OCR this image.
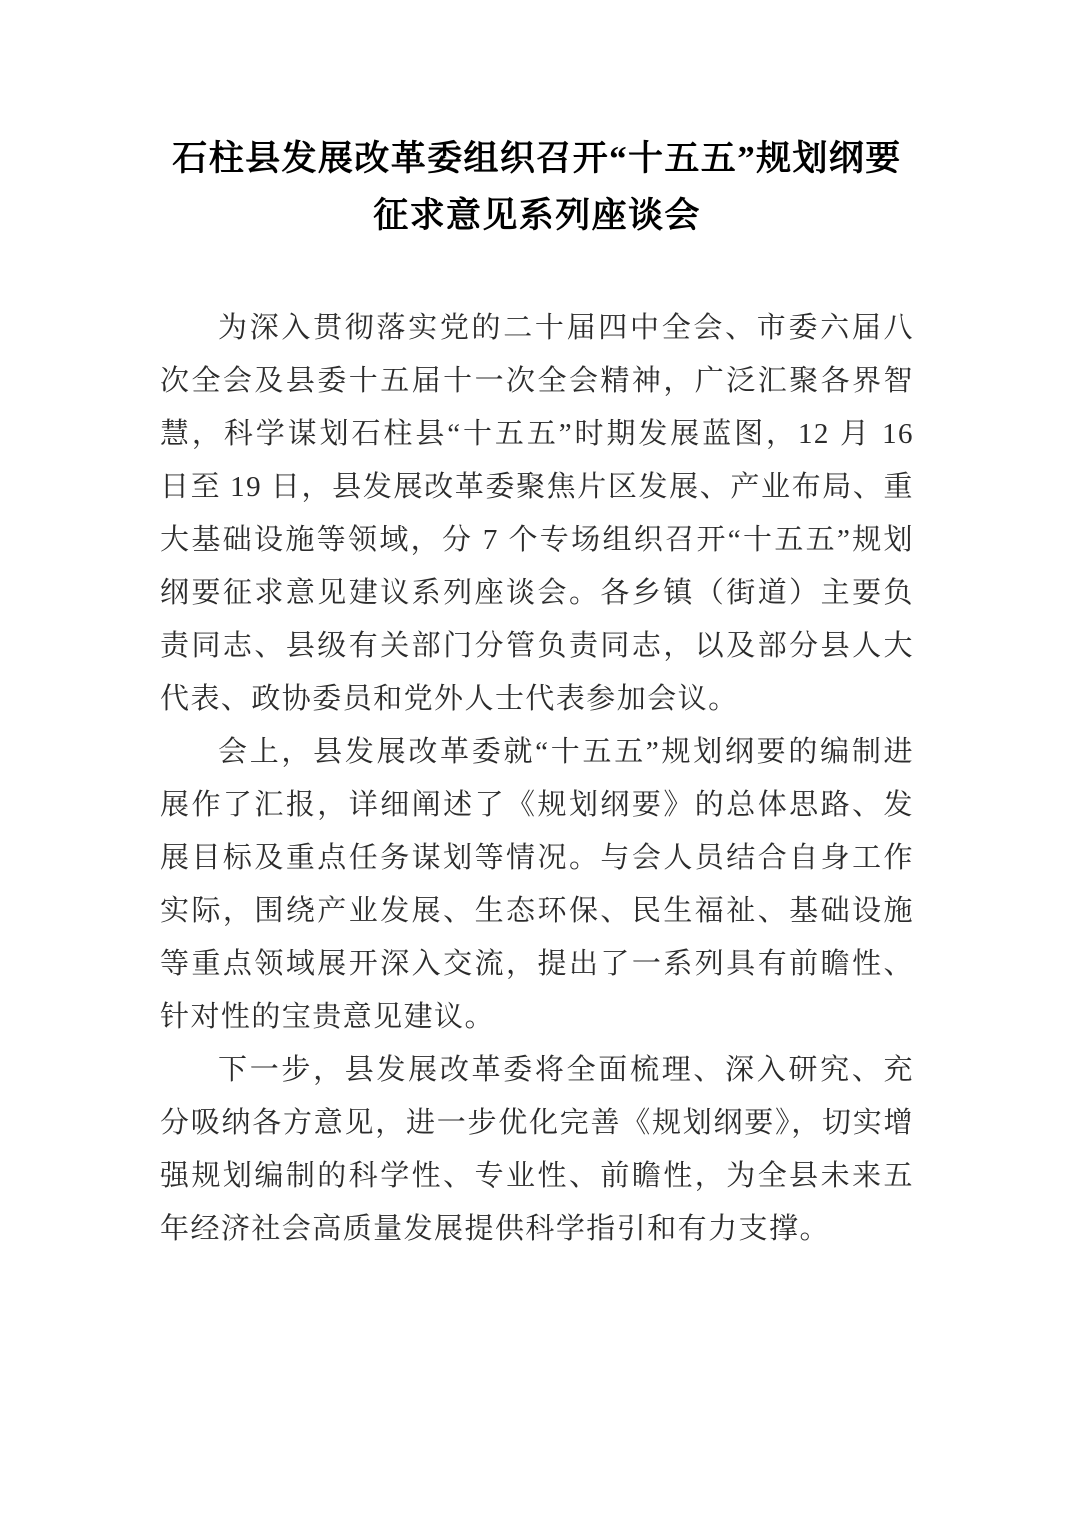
石柱县发展改革委组织召开“十五五”规划纲要
征求意见系列座谈会

为深入贯彻落实党的二十届四中全会、市委六届八次全会及县委十五届十一次全会精神，广泛汇聚各界智慧，科学谋划石柱县“十五五”时期发展蓝图，12 月 16 日至 19 日，县发展改革委聚焦片区发展、产业布局、重大基础设施等领域，分 7 个专场组织召开“十五五”规划纲要征求意见建议系列座谈会。各乡镇（街道）主要负责同志、县级有关部门分管负责同志，以及部分县人大代表、政协委员和党外人士代表参加会议。

会上，县发展改革委就“十五五”规划纲要的编制进展作了汇报，详细阐述了《规划纲要》的总体思路、发展目标及重点任务谋划等情况。与会人员结合自身工作实际，围绕产业发展、生态环保、民生福祉、基础设施等重点领域展开深入交流，提出了一系列具有前瞻性、针对性的宝贵意见建议。

下一步，县发展改革委将全面梳理、深入研究、充分吸纳各方意见，进一步优化完善《规划纲要》，切实增强规划编制的科学性、专业性、前瞻性，为全县未来五年经济社会高质量发展提供科学指引和有力支撑。
